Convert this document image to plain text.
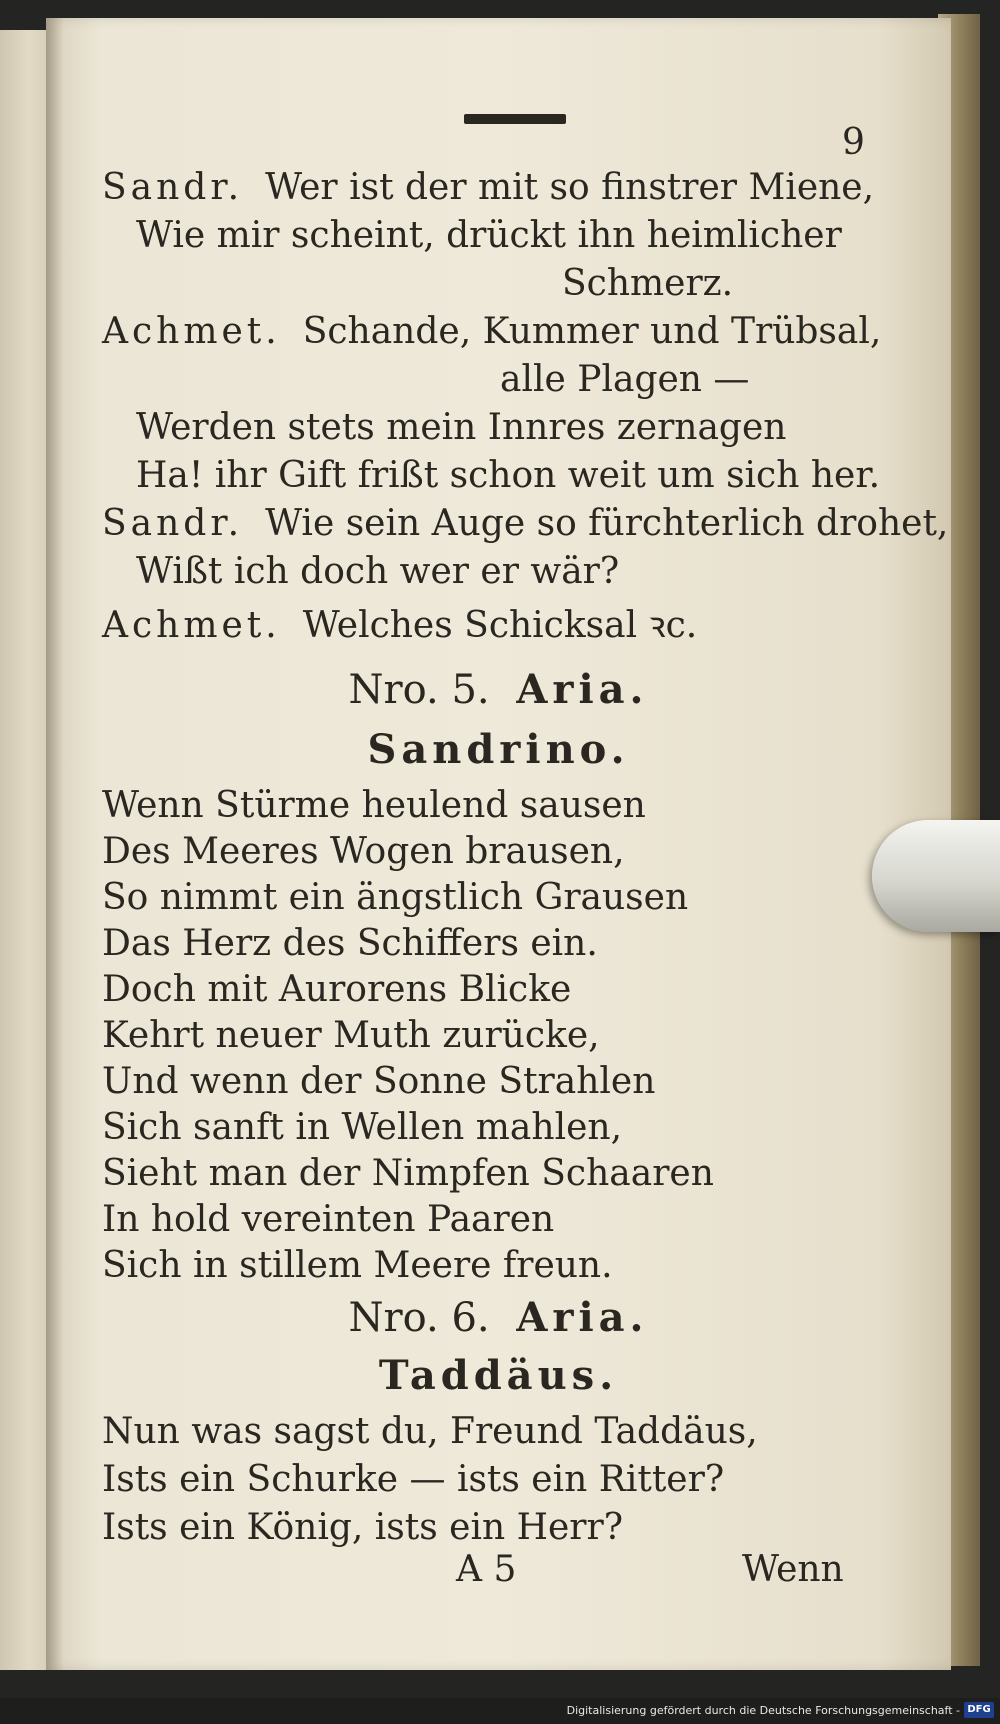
9
Sandr. Wer ist der mit so finstrer Miene,
Wie mir scheint, drückt ihn heimlicher
Schmerz.
Achmet. Schande, Kummer und Trübsal,
alle Plagen —
Werden stets mein Innres zernagen
Ha! ihr Gift frißt schon weit um sich her.
Sandr. Wie sein Auge so fürchterlich drohet,
Wißt ich doch wer er wär?
Achmet. Welches Schicksal ꝛc.
Nro. 5. Aria.
Sandrino.
Wenn Stürme heulend sausen
Des Meeres Wogen brausen,
So nimmt ein ängstlich Grausen
Das Herz des Schiffers ein.
Doch mit Aurorens Blicke
Kehrt neuer Muth zurücke,
Und wenn der Sonne Strahlen
Sich sanft in Wellen mahlen,
Sieht man der Nimpfen Schaaren
In hold vereinten Paaren
Sich in stillem Meere freun.
Nro. 6. Aria.
Taddäus.
Nun was sagst du, Freund Taddäus,
Ists ein Schurke — ists ein Ritter?
Ists ein König, ists ein Herr?
A 5	Wenn
Digitalisierung gefördert durch die Deutsche Forschungsgemeinschaft - DFG
